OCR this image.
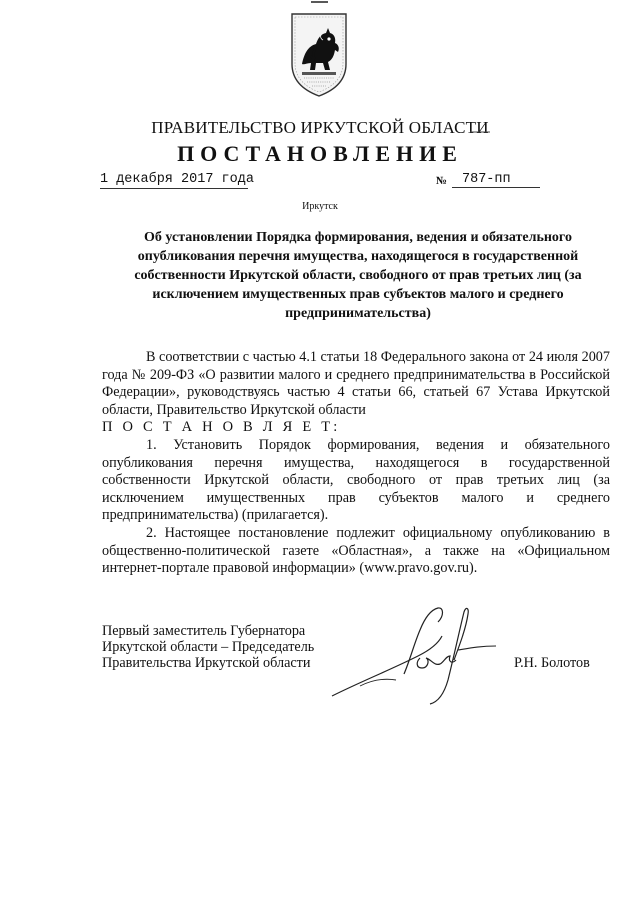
ПРАВИТЕЛЬСТВО ИРКУТСКОЙ ОБЛАСТИ
ПОСТАНОВЛЕНИЕ
1 декабря 2017 года	№	787-пп
Иркутск
Об установлении Порядка формирования, ведения и обязательного
опубликования перечня имущества, находящегося в государственной
собственности Иркутской области, свободного от прав третьих лиц (за
исключением имущественных прав субъектов малого и среднего
предпринимательства)

В соответствии с частью 4.1 статьи 18 Федерального закона от 24 июля 2007 года № 209-ФЗ «О развитии малого и среднего предпринимательства в Российской Федерации», руководствуясь частью 4 статьи 66, статьей 67 Устава Иркутской области, Правительство Иркутской области

П О С Т А Н О В Л Я Е Т:

1. Установить Порядок формирования, ведения и обязательного опубликования перечня имущества, находящегося в государственной собственности Иркутской области, свободного от прав третьих лиц (за исключением имущественных прав субъектов малого и среднего предпринимательства) (прилагается).

2. Настоящее постановление подлежит официальному опубликованию в общественно-политической газете «Областная», а также на «Официальном интернет-портале правовой информации» (www.pravo.gov.ru).

Первый заместитель Губернатора
Иркутской области – Председатель
Правительства Иркутской области	Р.Н. Болотов
